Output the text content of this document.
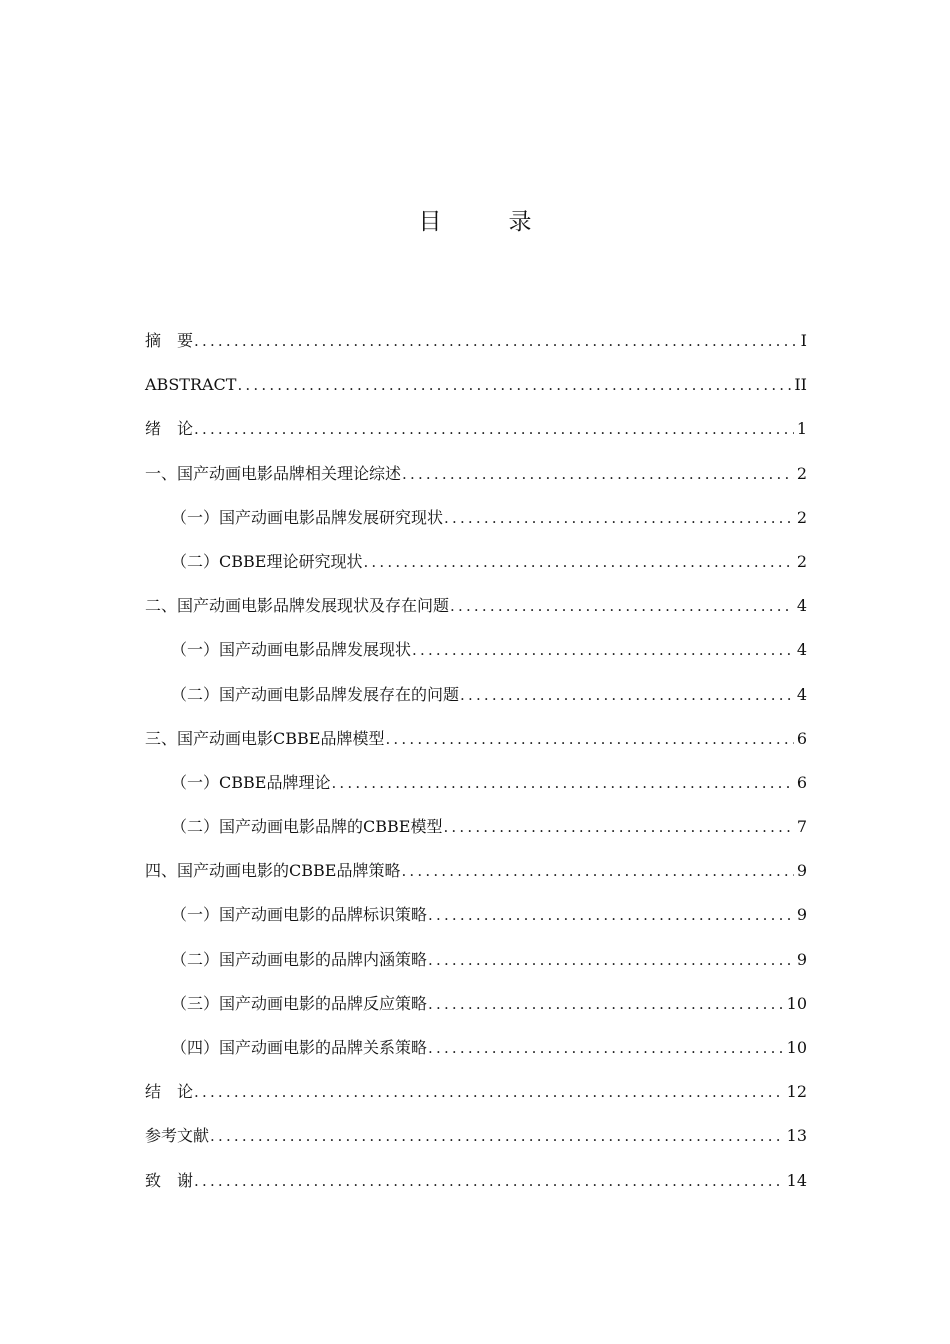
目　录
摘　要 .....	I
ABSTRACT .....	II
绪　论 .....	1
一、国产动画电影品牌相关理论综述 .....	2
（一）国产动画电影品牌发展研究现状 .....	2
（二）CBBE理论研究现状 .....	2
二、国产动画电影品牌发展现状及存在问题 .....	4
（一）国产动画电影品牌发展现状 .....	4
（二）国产动画电影品牌发展存在的问题 .....	4
三、国产动画电影CBBE品牌模型 .....	6
（一）CBBE品牌理论 .....	6
（二）国产动画电影品牌的CBBE模型 .....	7
四、国产动画电影的CBBE品牌策略 .....	9
（一）国产动画电影的品牌标识策略 .....	9
（二）国产动画电影的品牌内涵策略 .....	9
（三）国产动画电影的品牌反应策略 .....	10
（四）国产动画电影的品牌关系策略 .....	10
结　论 .....	12
参考文献 .....	13
致　谢 .....	14
